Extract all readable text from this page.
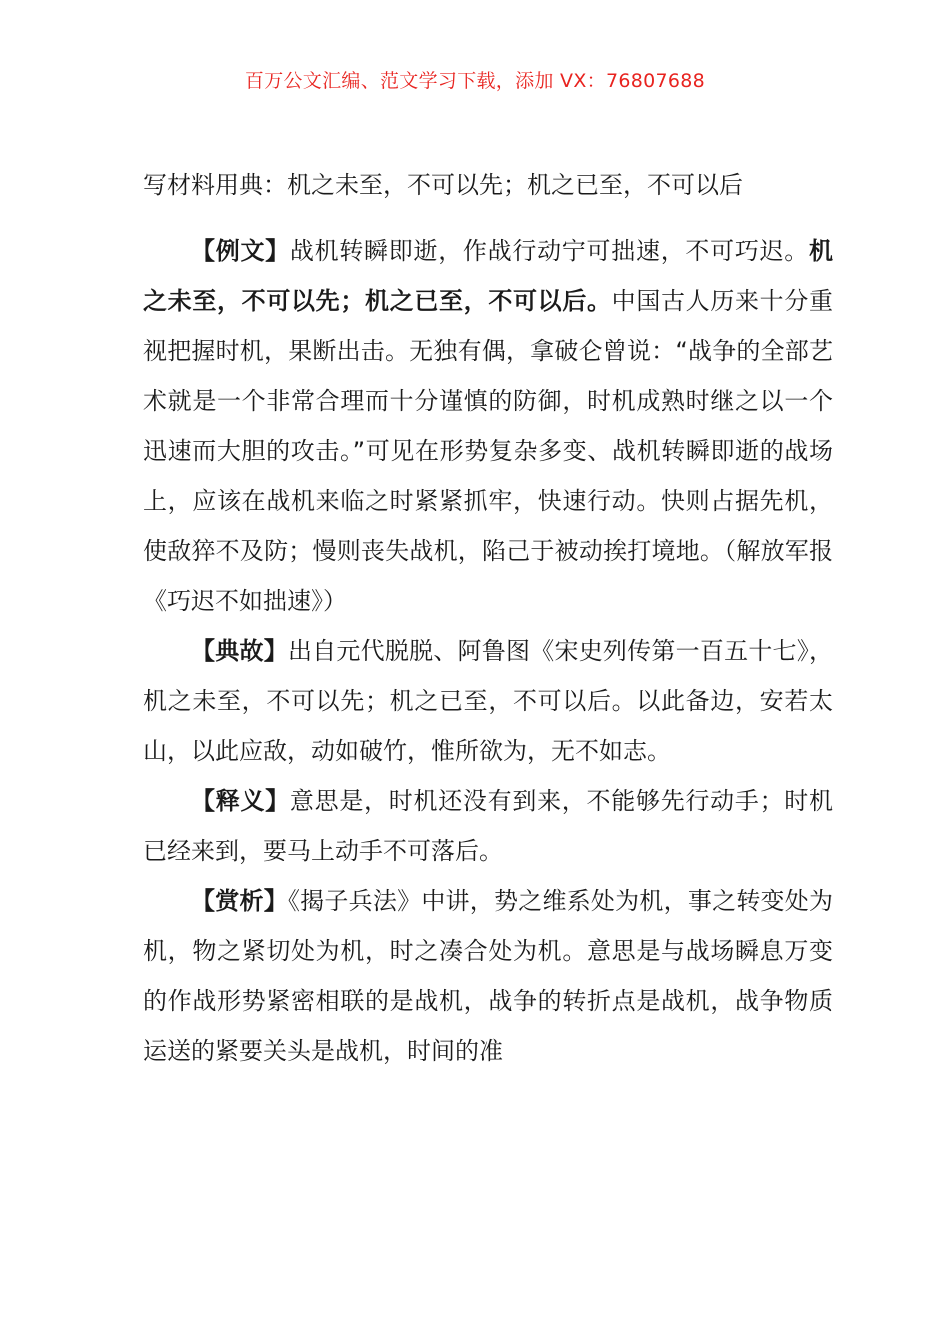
百万公文汇编、范文学习下载，添加 VX：76807688
写材料用典：机之未至，不可以先；机之已至，不可以后

【例文】战机转瞬即逝，作战行动宁可拙速，不可巧迟。机之未至，不可以先；机之已至，不可以后。中国古人历来十分重视把握时机，果断出击。无独有偶，拿破仑曾说：“战争的全部艺术就是一个非常合理而十分谨慎的防御，时机成熟时继之以一个迅速而大胆的攻击。”可见在形势复杂多变、战机转瞬即逝的战场上，应该在战机来临之时紧紧抓牢，快速行动。快则占据先机，使敌猝不及防；慢则丧失战机，陷己于被动挨打境地。（解放军报《巧迟不如拙速》）

【典故】出自元代脱脱、阿鲁图《宋史列传第一百五十七》，机之未至，不可以先；机之已至，不可以后。以此备边，安若太山，以此应敌，动如破竹，惟所欲为，无不如志。

【释义】意思是，时机还没有到来，不能够先行动手；时机已经来到，要马上动手不可落后。

【赏析】《揭子兵法》中讲，势之维系处为机，事之转变处为机，物之紧切处为机，时之凑合处为机。意思是与战场瞬息万变的作战形势紧密相联的是战机，战争的转折点是战机，战争物质运送的紧要关头是战机，时间的准
